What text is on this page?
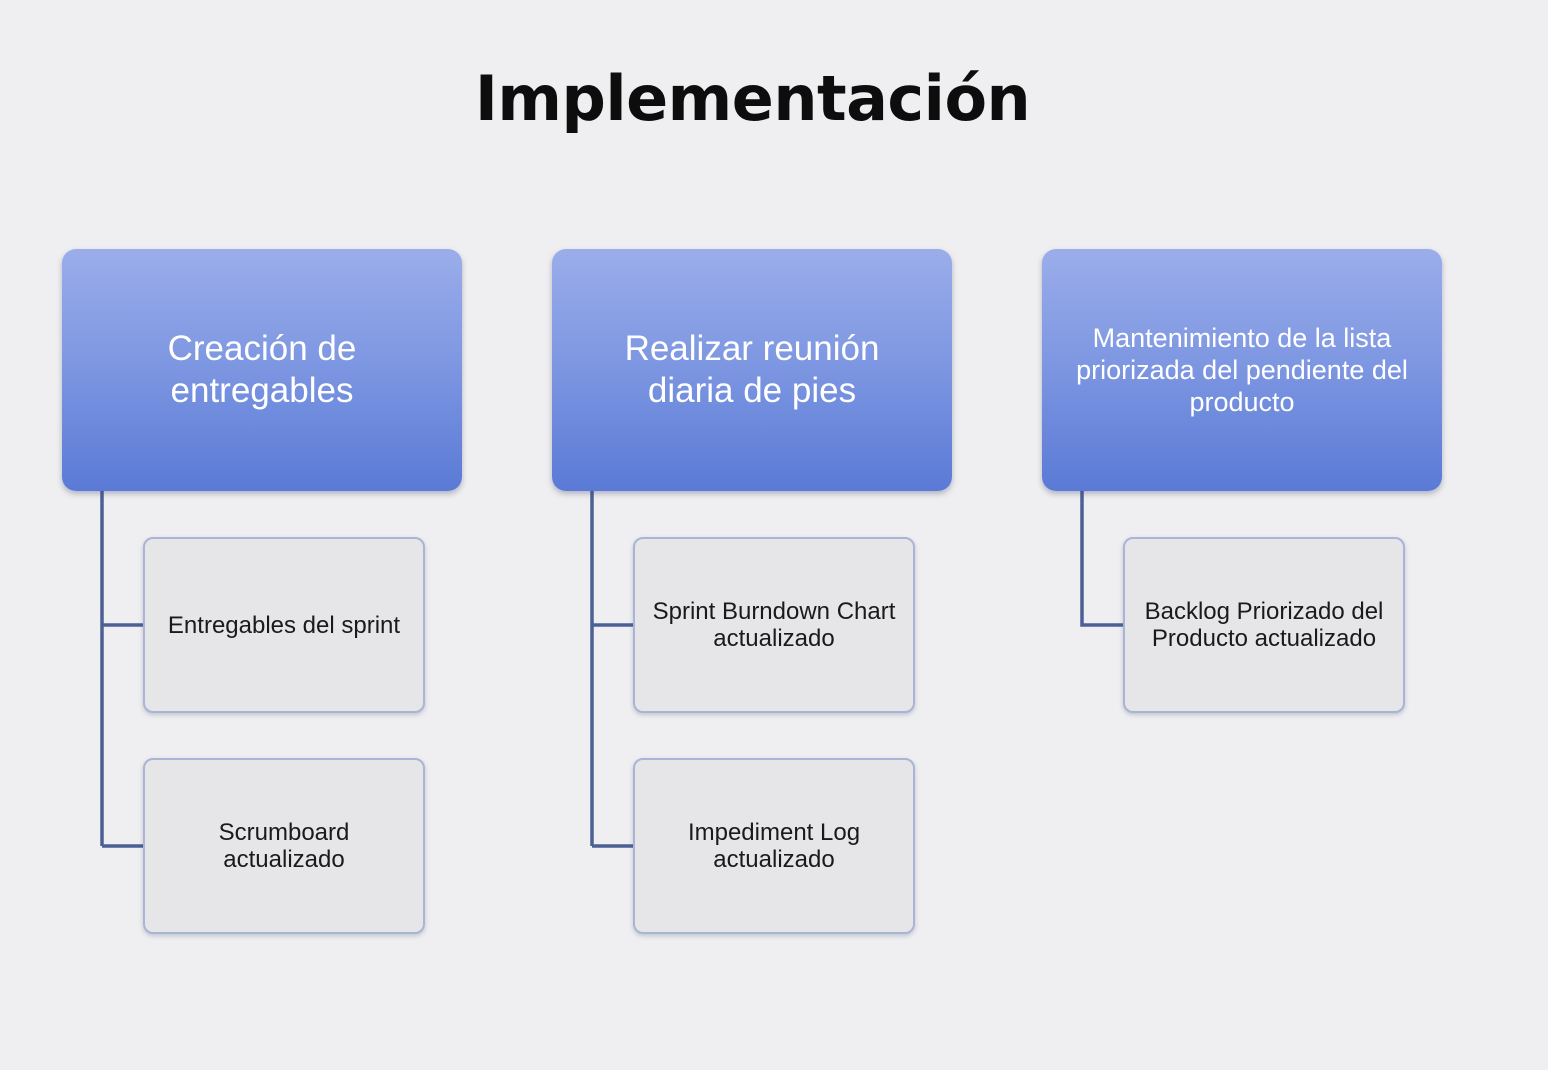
Implementación
Creación de
entregables
Entregables del sprint
Scrumboard
actualizado
Realizar reunión
diaria de pies
Sprint Burndown Chart
actualizado
Impediment Log
actualizado
Mantenimiento de la lista
priorizada del pendiente del
producto
Backlog Priorizado del
Producto actualizado
